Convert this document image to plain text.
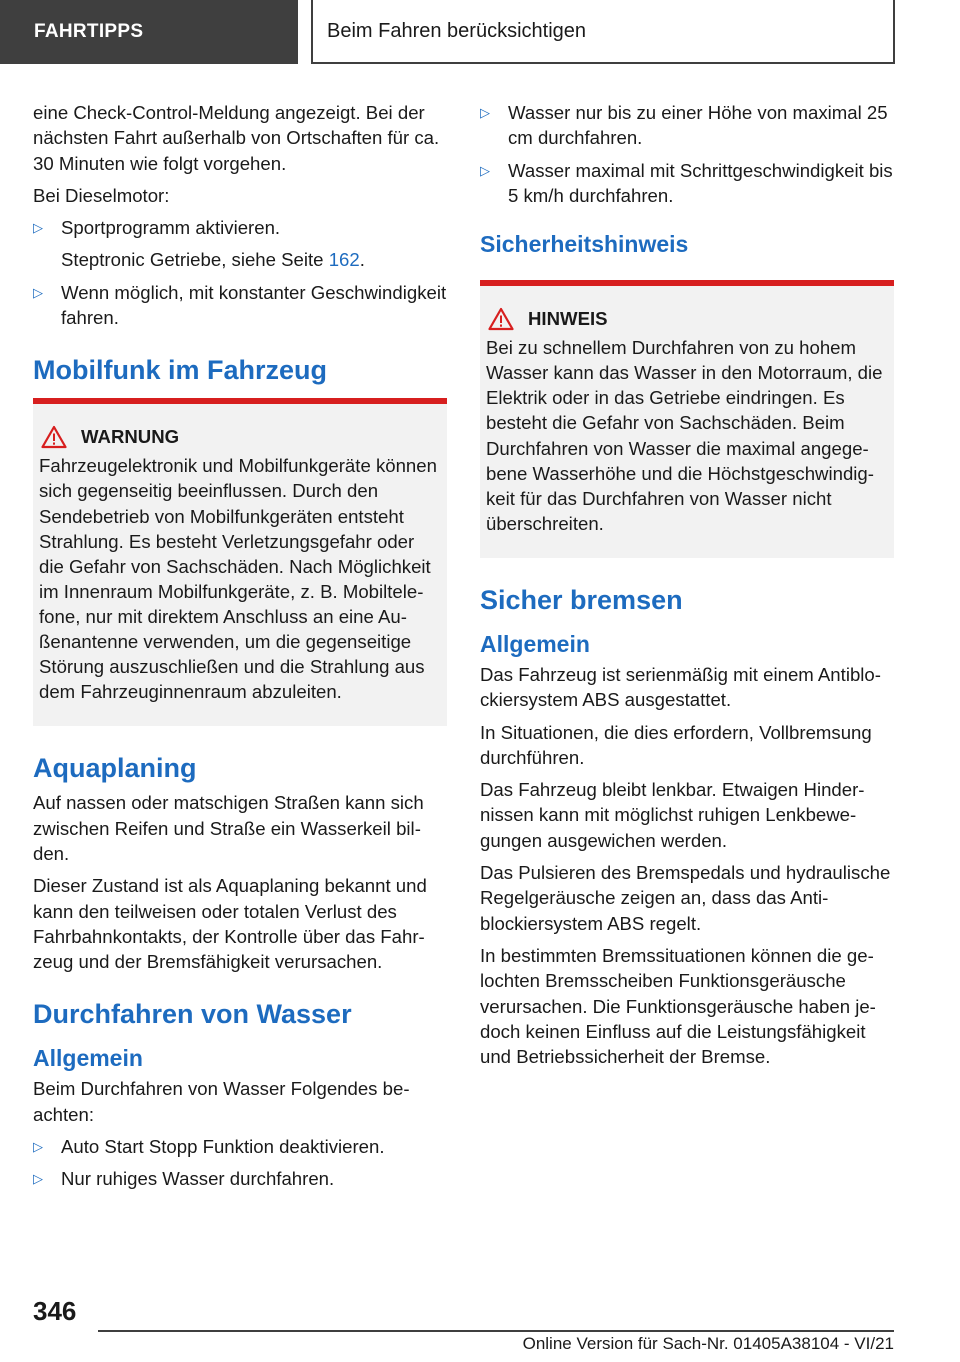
FAHRTIPPS	Beim Fahren berücksichtigen

eine Check-Control-Meldung angezeigt. Bei der nächsten Fahrt außerhalb von Ortschaften für ca. 30 Minuten wie folgt vorgehen.

Bei Dieselmotor:

▷ Sportprogramm aktivieren.

Steptronic Getriebe, siehe Seite 162.

▷ Wenn möglich, mit konstanter Geschwindigkeit fahren.
Mobilfunk im Fahrzeug
WARNUNG

Fahrzeugelektronik und Mobilfunkgeräte können sich gegenseitig beeinflussen. Durch den Sendebetrieb von Mobilfunkgeräten entsteht Strahlung. Es besteht Verletzungsgefahr oder die Gefahr von Sachschäden. Nach Möglichkeit im Innenraum Mobilfunkgeräte, z. B. Mobiltelefone, nur mit direktem Anschluss an eine Außenantenne verwenden, um die gegenseitige Störung auszuschließen und die Strahlung aus dem Fahrzeuginnenraum abzuleiten.

Aquaplaning

Auf nassen oder matschigen Straßen kann sich zwischen Reifen und Straße ein Wasserkeil bilden.

Dieser Zustand ist als Aquaplaning bekannt und kann den teilweisen oder totalen Verlust des Fahrbahnkontakts, der Kontrolle über das Fahrzeug und der Bremsfähigkeit verursachen.

Durchfahren von Wasser
Allgemein

Beim Durchfahren von Wasser Folgendes beachten:

▷ Auto Start Stopp Funktion deaktivieren.
▷ Nur ruhiges Wasser durchfahren.
▷ Wasser nur bis zu einer Höhe von maximal 25 cm durchfahren.
▷ Wasser maximal mit Schrittgeschwindigkeit bis 5 km/h durchfahren.
Sicherheitshinweis
HINWEIS

Bei zu schnellem Durchfahren von zu hohem Wasser kann das Wasser in den Motorraum, die Elektrik oder in das Getriebe eindringen. Es besteht die Gefahr von Sachschäden. Beim Durchfahren von Wasser die maximal angegebene Wasserhöhe und die Höchstgeschwindigkeit für das Durchfahren von Wasser nicht überschreiten.

Sicher bremsen
Allgemein

Das Fahrzeug ist serienmäßig mit einem Antiblockiersystem ABS ausgestattet.

In Situationen, die dies erfordern, Vollbremsung durchführen.

Das Fahrzeug bleibt lenkbar. Etwaigen Hindernissen kann mit möglichst ruhigen Lenkbewegungen ausgewichen werden.

Das Pulsieren des Bremspedals und hydraulische Regelgeräusche zeigen an, dass das Antiblockiersystem ABS regelt.

In bestimmten Bremssituationen können die gelochten Bremsscheiben Funktionsgeräusche verursachen. Die Funktionsgeräusche haben jedoch keinen Einfluss auf die Leistungsfähigkeit und Betriebssicherheit der Bremse.

346
Online Version für Sach-Nr. 01405A38104 - VI/21
